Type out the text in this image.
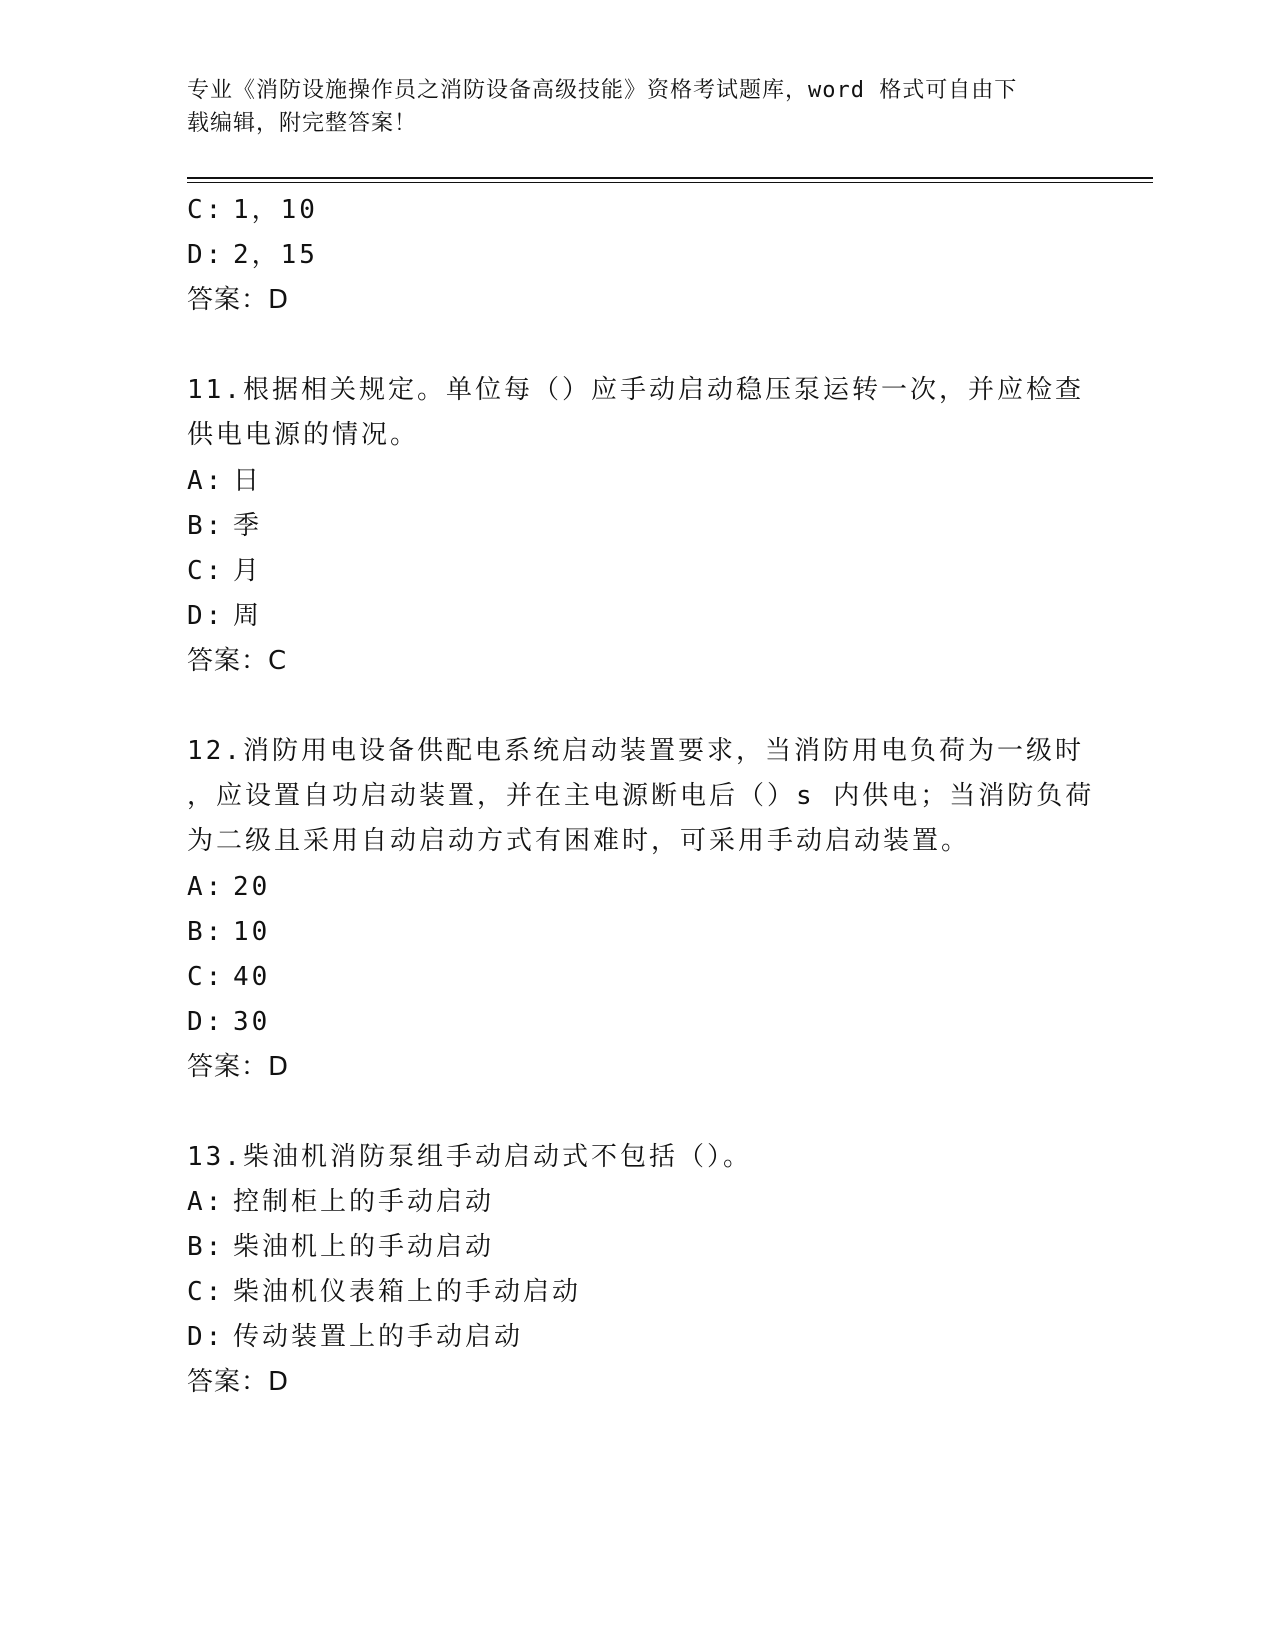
专业《消防设施操作员之消防设备高级技能》资格考试题库，word 格式可自由下
载编辑，附完整答案！
C: 1，10
D: 2，15
答案：D
11.根据相关规定。单位每（）应手动启动稳压泵运转一次，并应检查
供电电源的情况。
A: 日
B: 季
C: 月
D: 周
答案：C
12.消防用电设备供配电系统启动装置要求，当消防用电负荷为一级时
，应设置自功启动装置，并在主电源断电后（）s 内供电；当消防负荷
为二级且采用自动启动方式有困难时，可采用手动启动装置。
A: 20
B: 10
C: 40
D: 30
答案：D
13.柴油机消防泵组手动启动式不包括（）。
A: 控制柜上的手动启动
B: 柴油机上的手动启动
C: 柴油机仪表箱上的手动启动
D: 传动装置上的手动启动
答案：D
